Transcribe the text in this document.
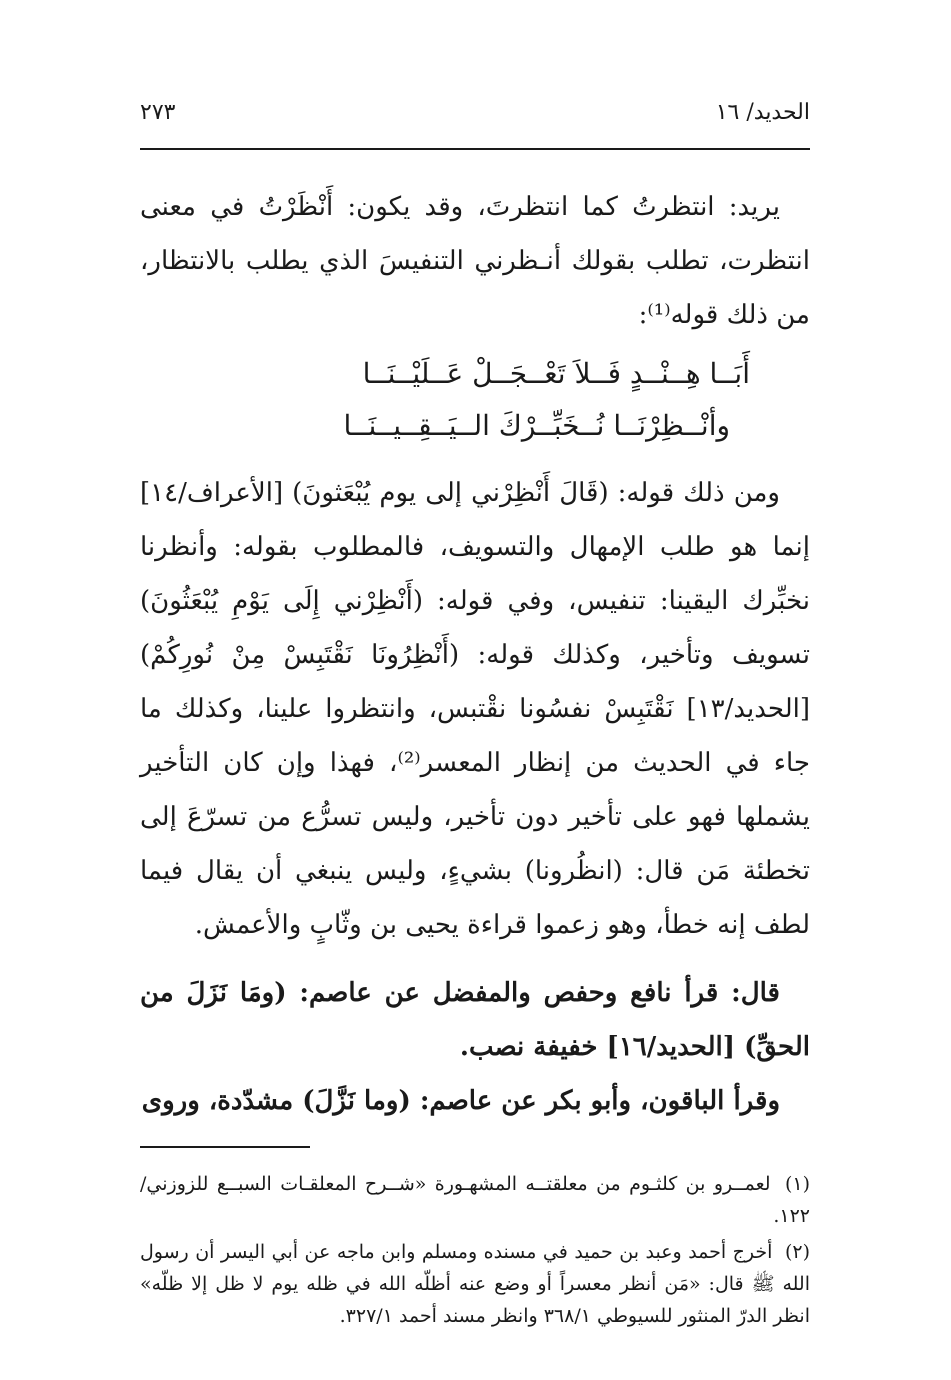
الحديد/ ١٦
٢٧٣

يريد: انتظرتُ كما انتظرتَ، وقد يكون: أَنْظَرْتُ في معنى انتظرت، تطلب بقولك أنـظرني التنفيسَ الذي يطلب بالانتظار، من ذلك قوله⁽¹⁾:

أَبَــا هِــنْــدٍ فَــلاَ تَعْــجَــلْ عَــلَيْــنَــا
وأنْــظِرْنَــا نُــخَبِّــرْكَ الــيَــقِــيــنَــا

ومن ذلك قوله: (قَالَ أَنْظِرْني إلى يوم يُبْعَثونَ) [الأعراف/١٤] إنما هو طلب الإمهال والتسويف، فالمطلوب بقوله: وأنظرنا نخبِّرك اليقينا: تنفيس، وفي قوله: (أَنْظِرْني إِلَى يَوْمِ يُبْعَثُونَ) تسويف وتأخير، وكذلك قوله: (أَنْظِرُونَا نَقْتَبِسْ مِنْ نُورِكُمْ) [الحديد/١٣] نَقْتَبِسْ نفسُونا نقْتبس، وانتظروا علينا، وكذلك ما جاء في الحديث من إنظار المعسر⁽²⁾، فهذا وإن كان التأخير يشملها فهو على تأخير دون تأخير، وليس تسرُّع من تسرّعَ إلى تخطئة مَن قال: (انظُرونا) بشيءٍ، وليس ينبغي أن يقال فيما لطف إنه خطأ، وهو زعموا قراءة يحيى بن وثّابٍ والأعمش.

قال: قرأ نافع وحفص والمفضل عن عاصم: (ومَا نَزَلَ من الحقِّ) [الحديد/١٦] خفيفة نصب.

وقرأ الباقون، وأبو بكر عن عاصم: (وما نَزَّلَ) مشدّدة، وروى

(١) لعمــرو بن كلثـوم من معلقتــه المشهـورة «شــرح المعلقـات السبــع للزوزني/١٢٢.

(٢) أخرج أحمد وعبد بن حميد في مسنده ومسلم وابن ماجه عن أبي اليسر أن رسول الله ﷺ قال: «مَن أنظر معسراً أو وضع عنه أظلّه الله في ظله يوم لا ظل إلا ظلّه» انظر الدرّ المنثور للسيوطي ٣٦٨/١ وانظر مسند أحمد ٣٢٧/١.
